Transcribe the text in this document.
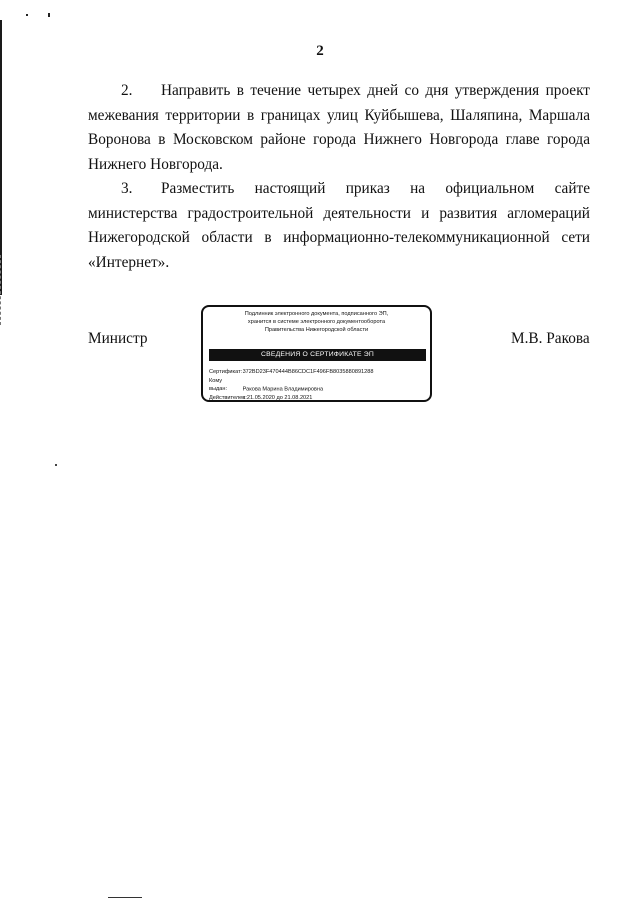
2

2. Направить в течение четырех дней со дня утверждения проект межевания территории в границах улиц Куйбышева, Шаляпина, Маршала Воронова в Московском районе города Нижнего Новгорода главе города Нижнего Новгорода.

3. Разместить настоящий приказ на официальном сайте министерства градостроительной деятельности и развития агломераций Нижегородской области в информационно-телекоммуникационной сети «Интернет».

Министр	М.В. Ракова
Подлинник электронного документа, подписанного ЭП,
хранится в системе электронного документооборота
Правительства Нижегородской области
СВЕДЕНИЯ О СЕРТИФИКАТЕ ЭП
Сертификат: 372BD23F470444B86CDC1F496FB8035880891288
Кому выдан:	Ракова Марина Владимировна
Действителен: с 21.05.2020 до 21.08.2021
